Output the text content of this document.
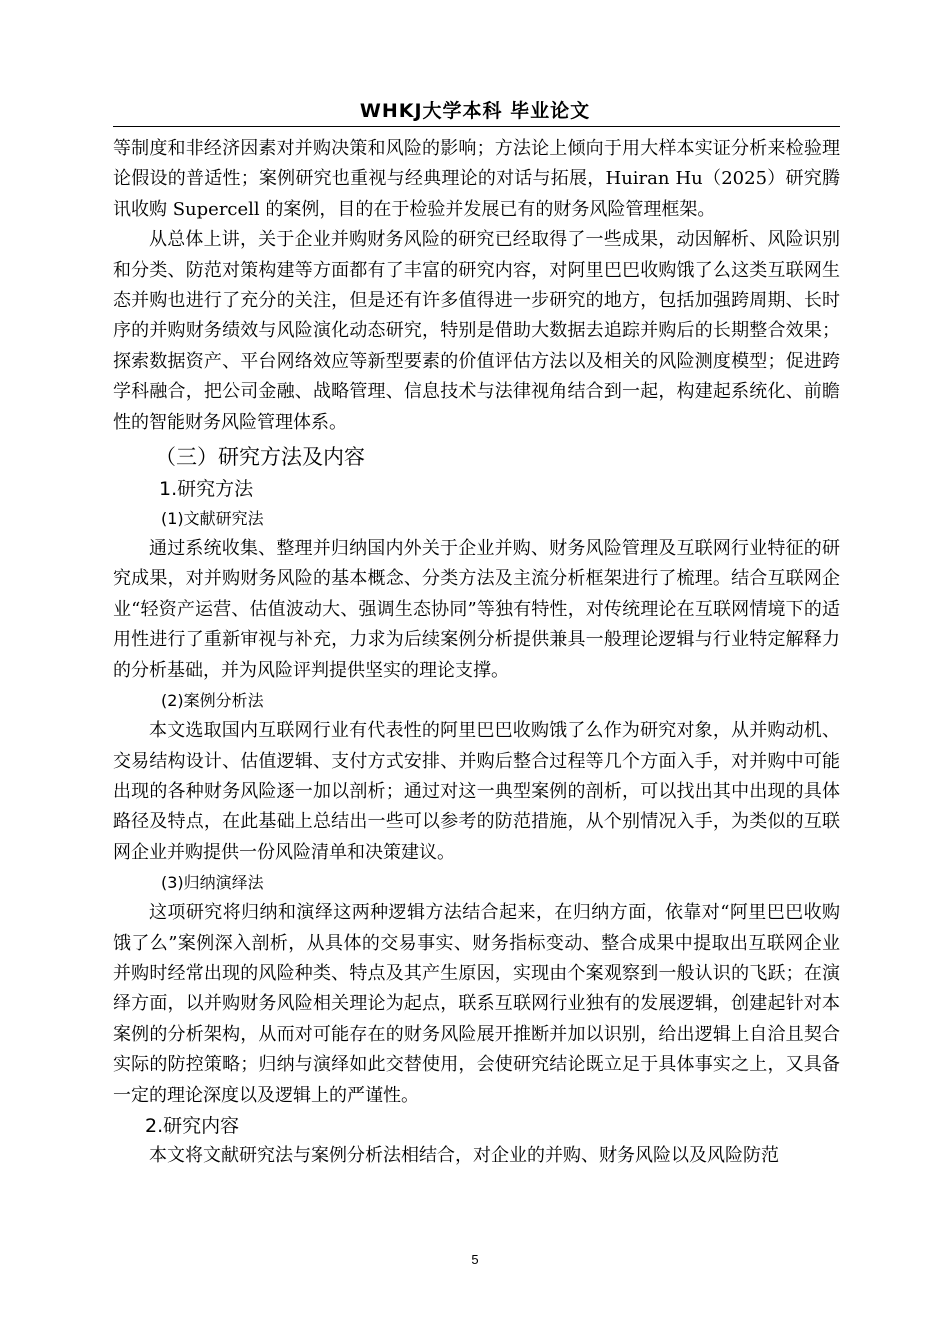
WHKJ大学本科 毕业论文

等制度和非经济因素对并购决策和风险的影响；方法论上倾向于用大样本实证分析来检验理论假设的普适性；案例研究也重视与经典理论的对话与拓展，Huiran Hu（2025）研究腾讯收购 Supercell 的案例，目的在于检验并发展已有的财务风险管理框架。

从总体上讲，关于企业并购财务风险的研究已经取得了一些成果，动因解析、风险识别和分类、防范对策构建等方面都有了丰富的研究内容，对阿里巴巴收购饿了么这类互联网生态并购也进行了充分的关注，但是还有许多值得进一步研究的地方，包括加强跨周期、长时序的并购财务绩效与风险演化动态研究，特别是借助大数据去追踪并购后的长期整合效果；探索数据资产、平台网络效应等新型要素的价值评估方法以及相关的风险测度模型；促进跨学科融合，把公司金融、战略管理、信息技术与法律视角结合到一起，构建起系统化、前瞻性的智能财务风险管理体系。

（三）研究方法及内容
1.研究方法
(1)文献研究法

通过系统收集、整理并归纳国内外关于企业并购、财务风险管理及互联网行业特征的研究成果，对并购财务风险的基本概念、分类方法及主流分析框架进行了梳理。结合互联网企业“轻资产运营、估值波动大、强调生态协同”等独有特性，对传统理论在互联网情境下的适用性进行了重新审视与补充，力求为后续案例分析提供兼具一般理论逻辑与行业特定解释力的分析基础，并为风险评判提供坚实的理论支撑。

(2)案例分析法

本文选取国内互联网行业有代表性的阿里巴巴收购饿了么作为研究对象，从并购动机、交易结构设计、估值逻辑、支付方式安排、并购后整合过程等几个方面入手，对并购中可能出现的各种财务风险逐一加以剖析；通过对这一典型案例的剖析，可以找出其中出现的具体路径及特点，在此基础上总结出一些可以参考的防范措施，从个别情况入手，为类似的互联网企业并购提供一份风险清单和决策建议。

(3)归纳演绎法

这项研究将归纳和演绎这两种逻辑方法结合起来，在归纳方面，依靠对“阿里巴巴收购饿了么”案例深入剖析，从具体的交易事实、财务指标变动、整合成果中提取出互联网企业并购时经常出现的风险种类、特点及其产生原因，实现由个案观察到一般认识的飞跃；在演绎方面，以并购财务风险相关理论为起点，联系互联网行业独有的发展逻辑，创建起针对本案例的分析架构，从而对可能存在的财务风险展开推断并加以识别，给出逻辑上自洽且契合实际的防控策略；归纳与演绎如此交替使用，会使研究结论既立足于具体事实之上，又具备一定的理论深度以及逻辑上的严谨性。

2.研究内容

本文将文献研究法与案例分析法相结合，对企业的并购、财务风险以及风险防范

5
